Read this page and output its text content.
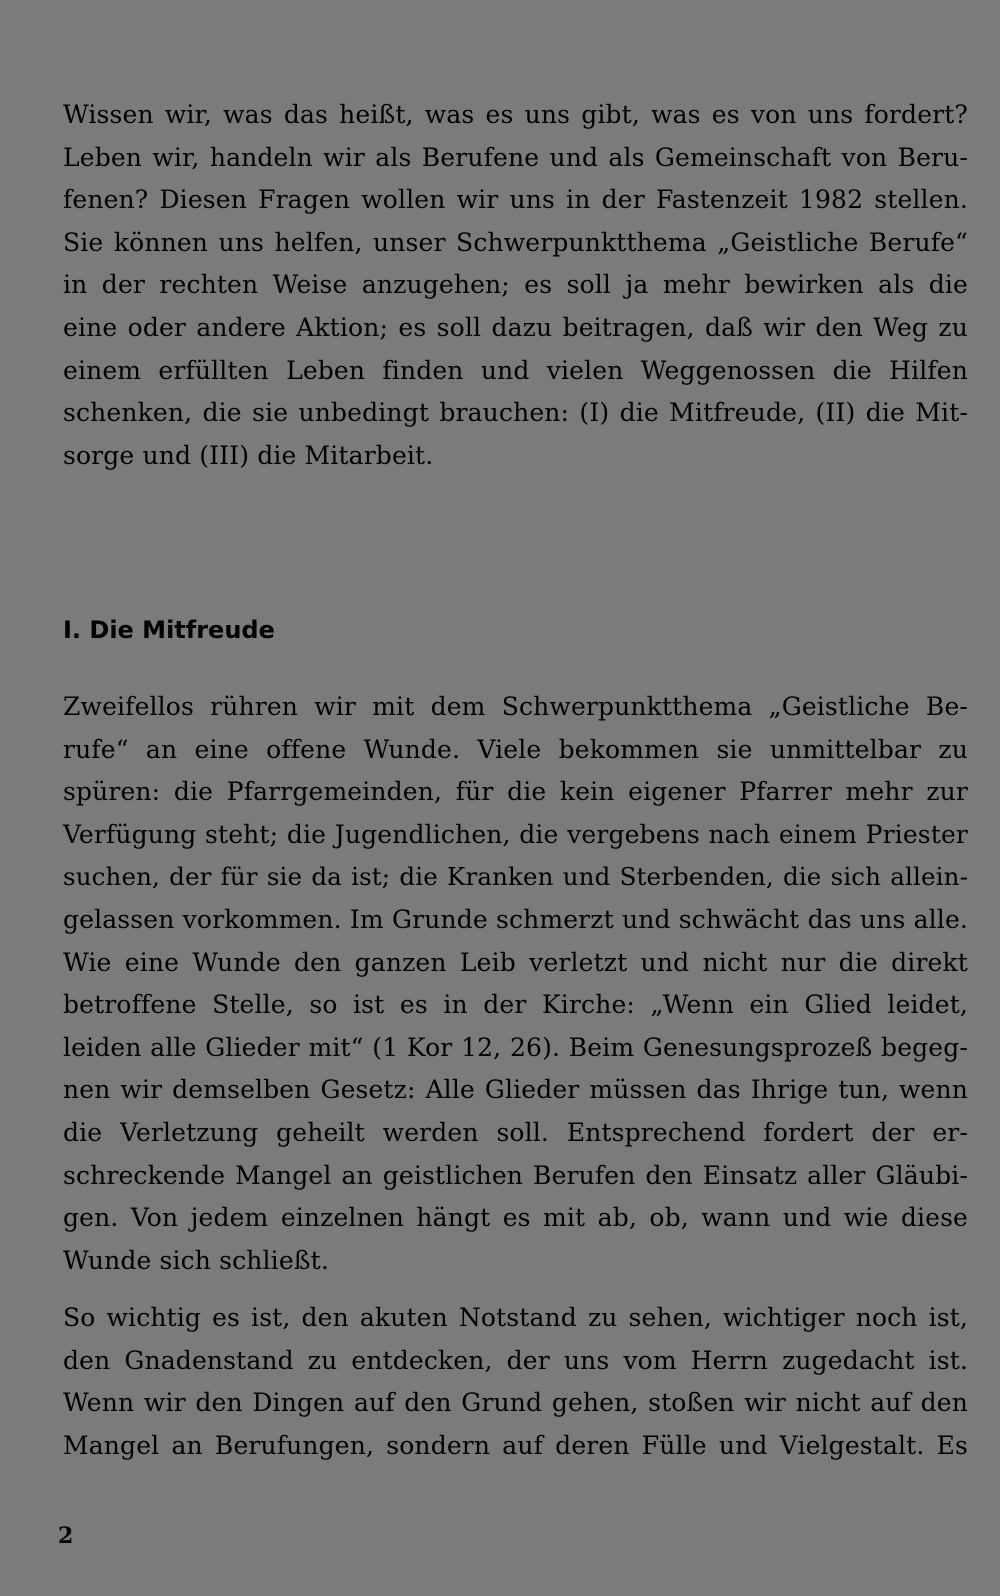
Wissen wir, was das heißt, was es uns gibt, was es von uns fordert?
Leben wir, handeln wir als Berufene und als Gemeinschaft von Beru-
fenen? Diesen Fragen wollen wir uns in der Fastenzeit 1982 stellen.
Sie können uns helfen, unser Schwerpunktthema „Geistliche Berufe“
in der rechten Weise anzugehen; es soll ja mehr bewirken als die
eine oder andere Aktion; es soll dazu beitragen, daß wir den Weg zu
einem erfüllten Leben finden und vielen Weggenossen die Hilfen
schenken, die sie unbedingt brauchen: (I) die Mitfreude, (II) die Mit-
sorge und (III) die Mitarbeit.

I. Die Mitfreude

Zweifellos rühren wir mit dem Schwerpunktthema „Geistliche Be-
rufe“ an eine offene Wunde. Viele bekommen sie unmittelbar zu
spüren: die Pfarrgemeinden, für die kein eigener Pfarrer mehr zur
Verfügung steht; die Jugendlichen, die vergebens nach einem Priester
suchen, der für sie da ist; die Kranken und Sterbenden, die sich allein-
gelassen vorkommen. Im Grunde schmerzt und schwächt das uns alle.
Wie eine Wunde den ganzen Leib verletzt und nicht nur die direkt
betroffene Stelle, so ist es in der Kirche: „Wenn ein Glied leidet,
leiden alle Glieder mit“ (1 Kor 12, 26). Beim Genesungsprozeß begeg-
nen wir demselben Gesetz: Alle Glieder müssen das Ihrige tun, wenn
die Verletzung geheilt werden soll. Entsprechend fordert der er-
schreckende Mangel an geistlichen Berufen den Einsatz aller Gläubi-
gen. Von jedem einzelnen hängt es mit ab, ob, wann und wie diese
Wunde sich schließt.

So wichtig es ist, den akuten Notstand zu sehen, wichtiger noch ist,
den Gnadenstand zu entdecken, der uns vom Herrn zugedacht ist.
Wenn wir den Dingen auf den Grund gehen, stoßen wir nicht auf den
Mangel an Berufungen, sondern auf deren Fülle und Vielgestalt. Es

2
